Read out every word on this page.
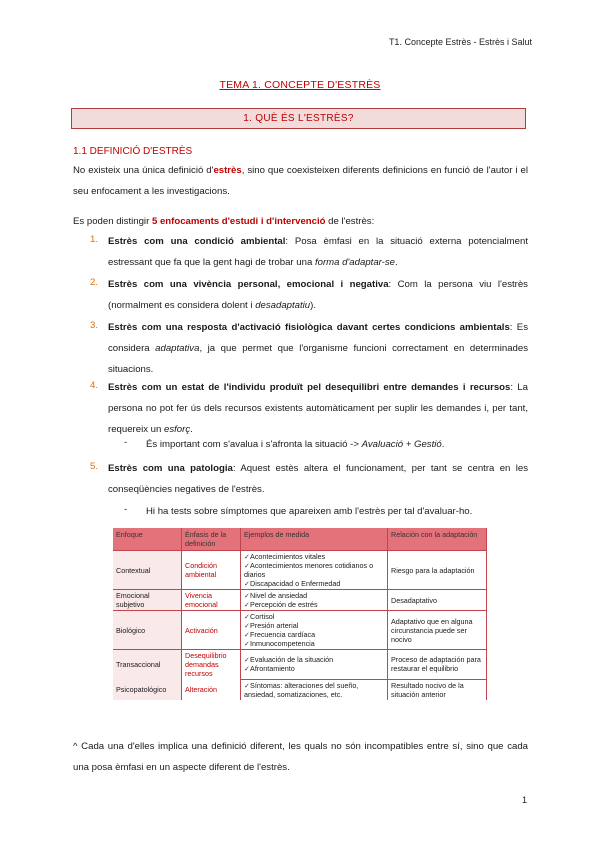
T1. Concepte Estrès - Estrès i Salut
TEMA 1. CONCEPTE D'ESTRÈS
1. QUÈ ÉS L'ESTRÈS?
1.1 DEFINICIÓ D'ESTRÈS
No existeix una única definició d'estrès, sino que coexisteixen diferents definicions en funció de l'autor i el seu enfocament a les investigacions.
Es poden distingir 5 enfocaments d'estudi i d'intervenció de l'estrès:
1. Estrès com una condició ambiental: Posa èmfasi en la situació externa potencialment estressant que fa que la gent hagi de trobar una forma d'adaptar-se.
2. Estrès com una vivència personal, emocional i negativa: Com la persona viu l'estrès (normalment es considera dolent i desadaptatiu).
3. Estrès com una resposta d'activació fisiològica davant certes condicions ambientals: Es considera adaptativa, ja que permet que l'organisme funcioni correctament en determinades situacions.
4. Estrès com un estat de l'individu produït pel desequilibri entre demandes i recursos: La persona no pot fer ús dels recursos existents automàticament per suplir les demandes i, per tant, requereix un esforç.
- És important com s'avalua i s'afronta la situació -> Avaluació + Gestió.
5. Estrès com una patologia: Aquest estès altera el funcionament, per tant se centra en les conseqüències negatives de l'estrès.
- Hi ha tests sobre símptomes que apareixen amb l'estrès per tal d'avaluar-ho.
Enfoque	Énfasis de la definición	Ejemplos de medida	Relación con la adaptación
Contextual	Condición ambiental	✓ Acontecimientos vitales
✓ Acontecimientos menores cotidianos o diarios
✓ Discapacidad o Enfermedad	Riesgo para la adaptación
Emocional subjetivo	Vivencia emocional	✓ Nivel de ansiedad
✓ Percepción de estrés	Desadaptativo
Biológico	Activación	✓ Cortisol
✓ Presión arterial
✓ Frecuencia cardíaca
✓ Inmunocompetencia	Adaptativo que en alguna circunstancia puede ser nocivo
Transaccional	Desequilibrio demandas recursos	✓ Evaluación de la situación
✓ Afrontamiento	Proceso de adaptación para restaurar el equilibrio
Psicopatológico	Alteración	✓ Síntomas: alteraciones del sueño, ansiedad, somatizaciones, etc.	Resultado nocivo de la situación anterior
^ Cada una d'elles implica una definició diferent, les quals no són incompatibles entre sí, sino que cada una posa èmfasi en un aspecte diferent de l'estrès.
1
